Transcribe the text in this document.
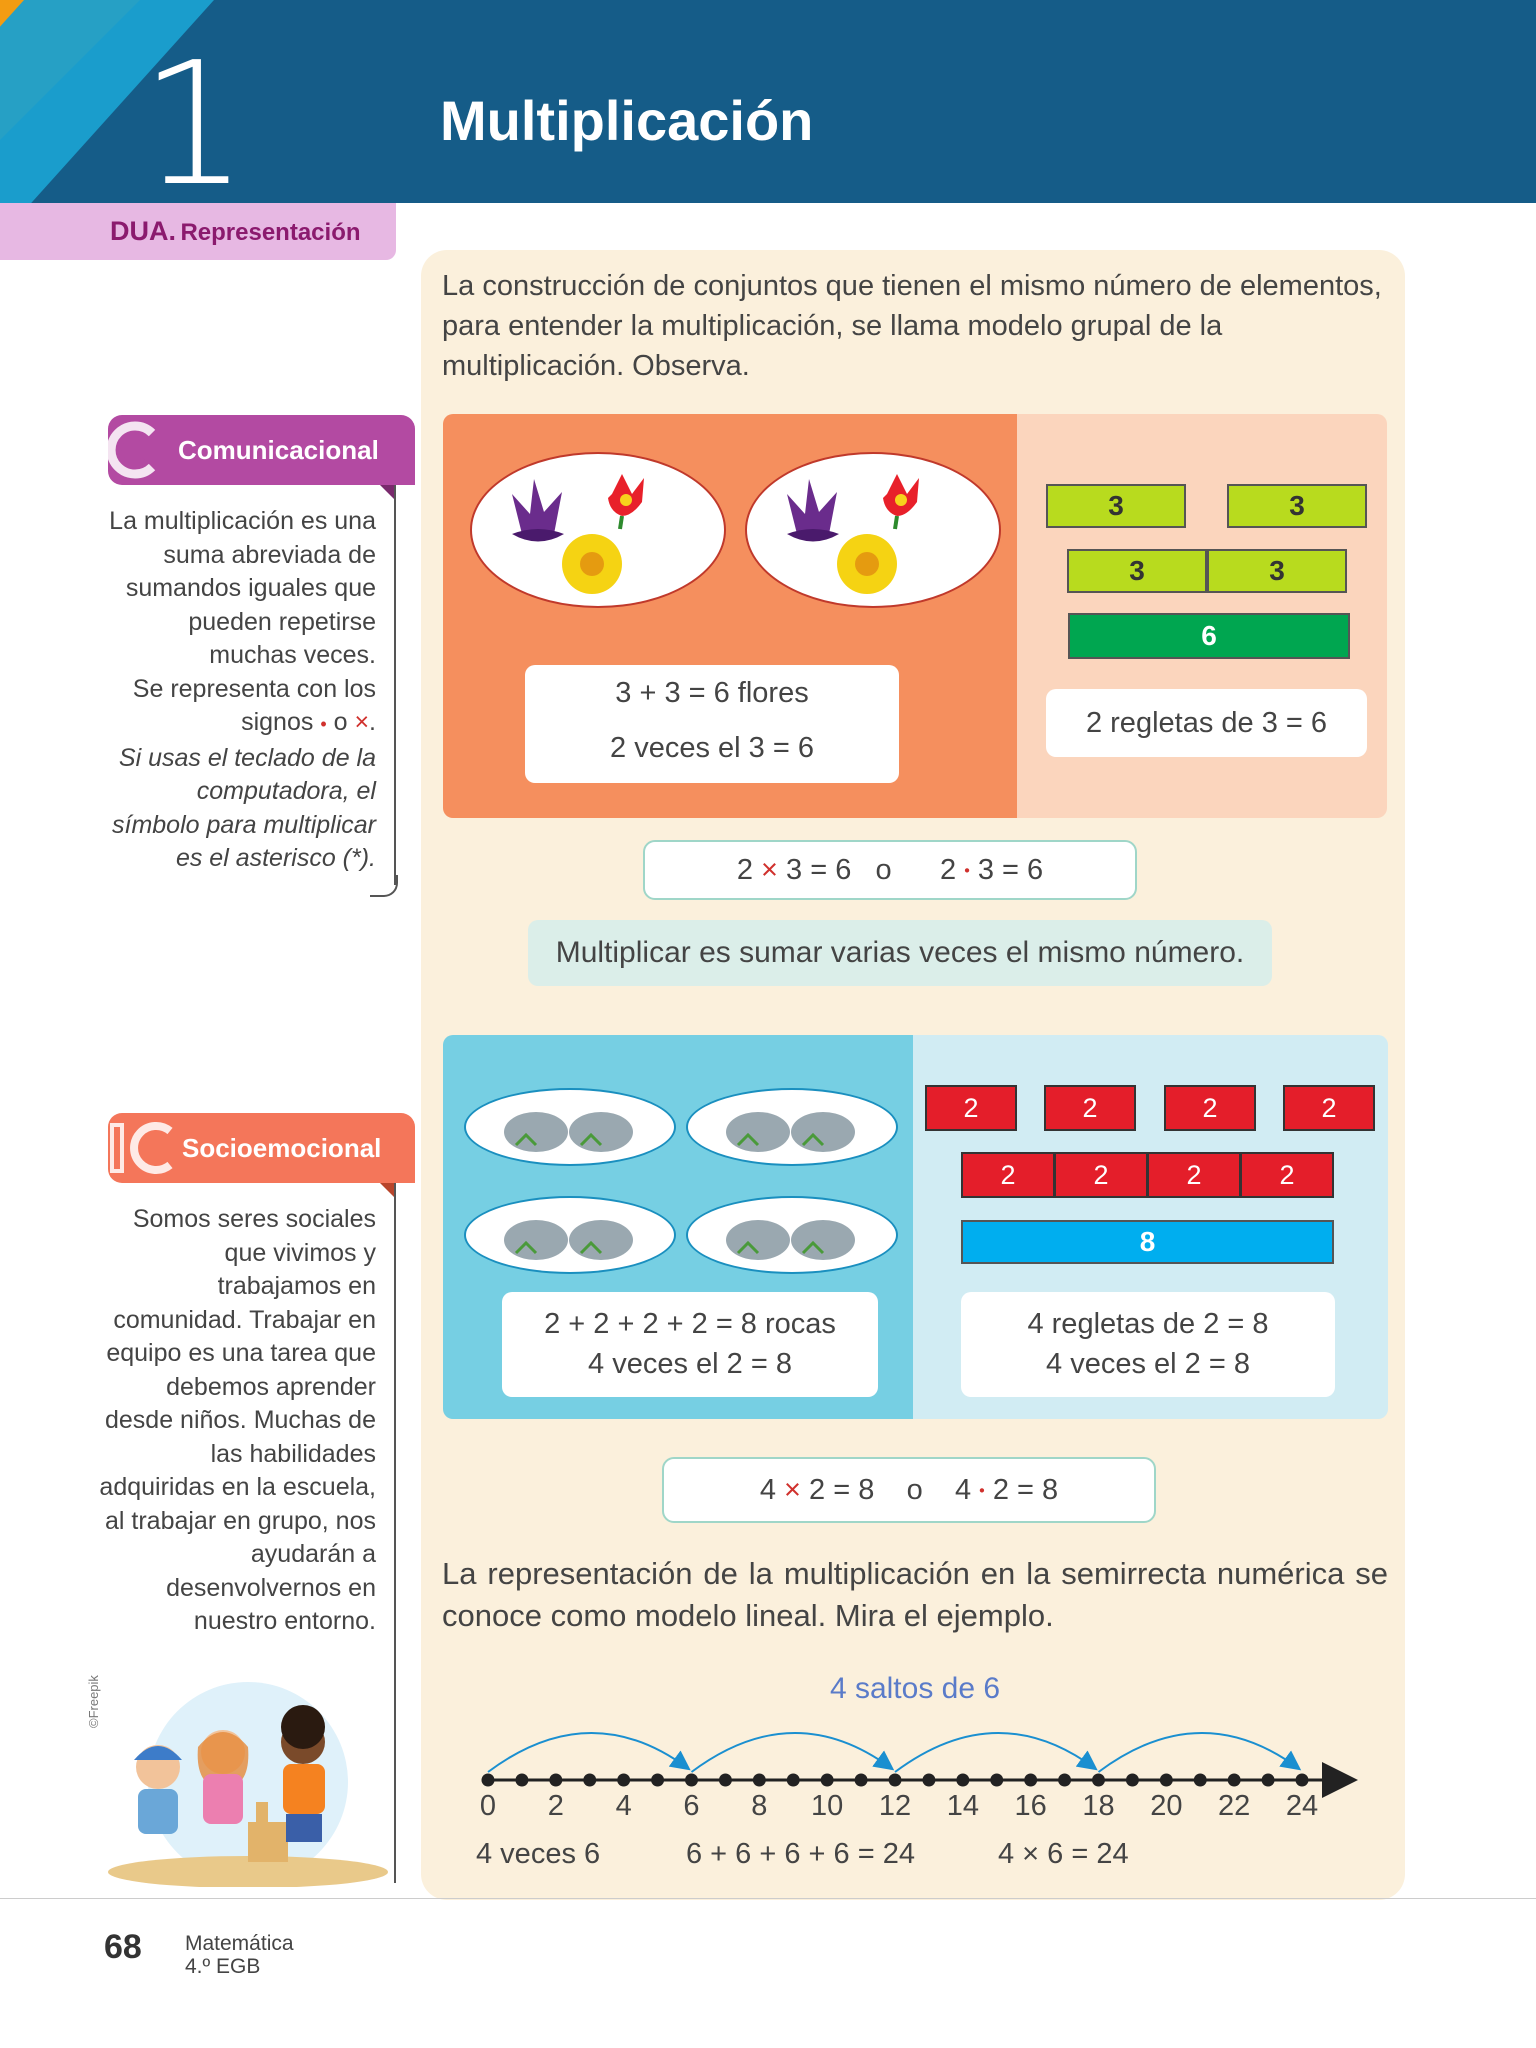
1	Multiplicación
DUA. Representación
Comunicacional
La multiplicación es una suma abreviada de sumandos iguales que pueden repetirse muchas veces.
Se representa con los signos • o ×.
Si usas el teclado de la computadora, el símbolo para multiplicar es el asterisco (*).
Socioemocional
Somos seres sociales que vivimos y trabajamos en comunidad. Trabajar en equipo es una tarea que debemos aprender desde niños. Muchas de las habilidades adquiridas en la escuela, al trabajar en grupo, nos ayudarán a desenvolvernos en nuestro entorno.
©Freepik
La construcción de conjuntos que tienen el mismo número de elementos, para entender la multiplicación, se llama modelo grupal de la multiplicación. Observa.
3 + 3 = 6 flores
2 veces el 3 = 6
3	3
3	3
6
2 regletas de 3 = 6
2 × 3 = 6 o 2 • 3 = 6
Multiplicar es sumar varias veces el mismo número.
2 + 2 + 2 + 2 = 8 rocas
4 veces el 2 = 8
2	2	2	2
2	2	2	2
8
4 regletas de 2 = 8
4 veces el 2 = 8
4 × 2 = 8 o 4 • 2 = 8
La representación de la multiplicación en la semirrecta numérica se conoce como modelo lineal. Mira el ejemplo.
4 saltos de 6
0	2	4	6	8	10	12	14	16	18	20	22	24
4 veces 6	6 + 6 + 6 + 6 = 24	4 × 6 = 24
68 Matemática
4.º EGB
